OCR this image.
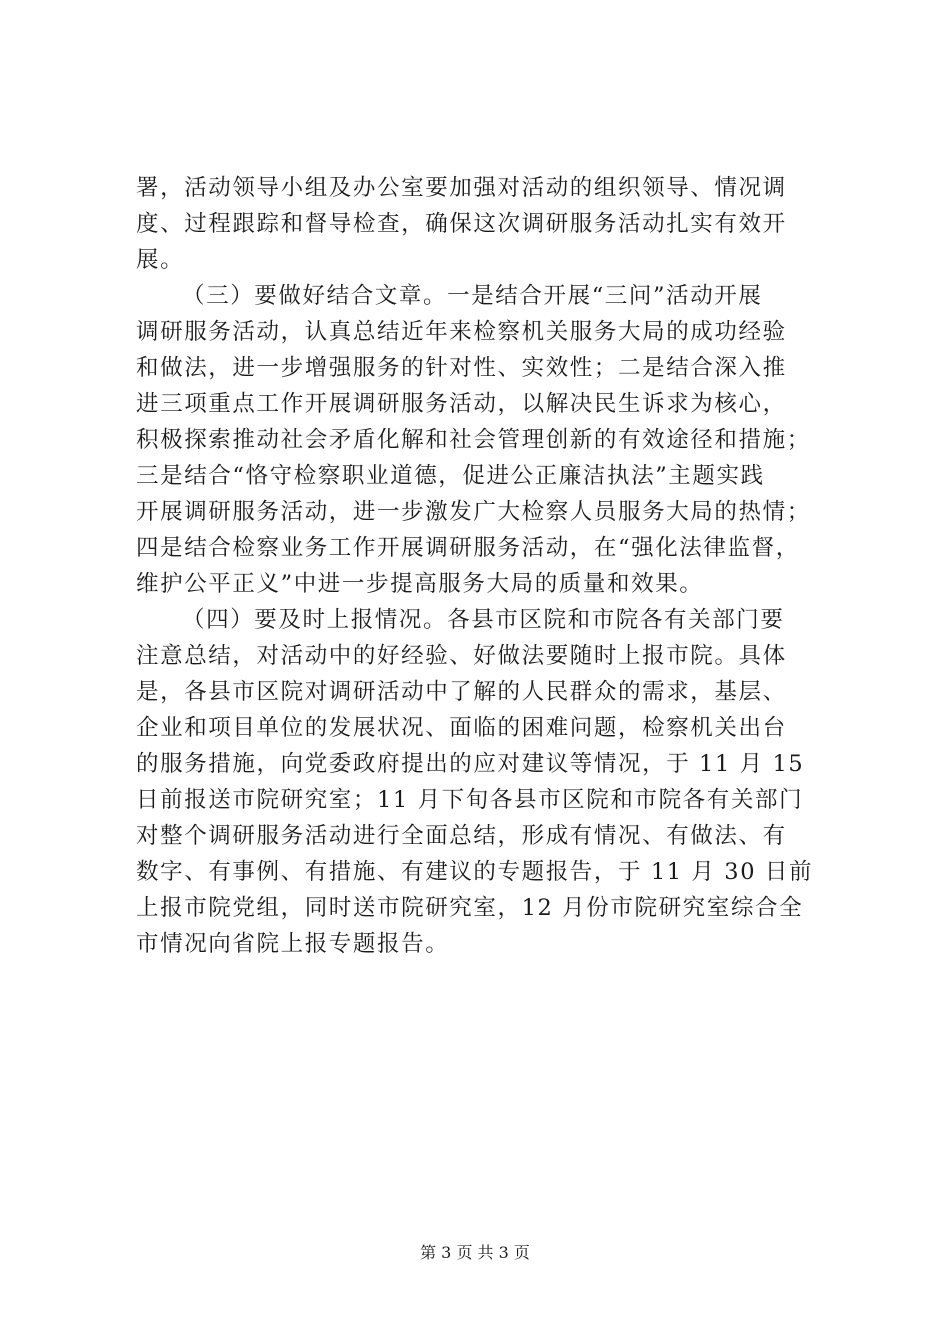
署，活动领导小组及办公室要加强对活动的组织领导、情况调
度、过程跟踪和督导检查，确保这次调研服务活动扎实有效开
展。
（三）要做好结合文章。一是结合开展“三问”活动开展
调研服务活动，认真总结近年来检察机关服务大局的成功经验
和做法，进一步增强服务的针对性、实效性；二是结合深入推
进三项重点工作开展调研服务活动，以解决民生诉求为核心，
积极探索推动社会矛盾化解和社会管理创新的有效途径和措施；
三是结合“恪守检察职业道德，促进公正廉洁执法”主题实践
开展调研服务活动，进一步激发广大检察人员服务大局的热情；
四是结合检察业务工作开展调研服务活动，在“强化法律监督，
维护公平正义”中进一步提高服务大局的质量和效果。
（四）要及时上报情况。各县市区院和市院各有关部门要
注意总结，对活动中的好经验、好做法要随时上报市院。具体
是，各县市区院对调研活动中了解的人民群众的需求，基层、
企业和项目单位的发展状况、面临的困难问题，检察机关出台
的服务措施，向党委政府提出的应对建议等情况，于 11 月 15
日前报送市院研究室；11 月下旬各县市区院和市院各有关部门
对整个调研服务活动进行全面总结，形成有情况、有做法、有
数字、有事例、有措施、有建议的专题报告，于 11 月 30 日前
上报市院党组，同时送市院研究室，12 月份市院研究室综合全
市情况向省院上报专题报告。
第 3 页 共 3 页
